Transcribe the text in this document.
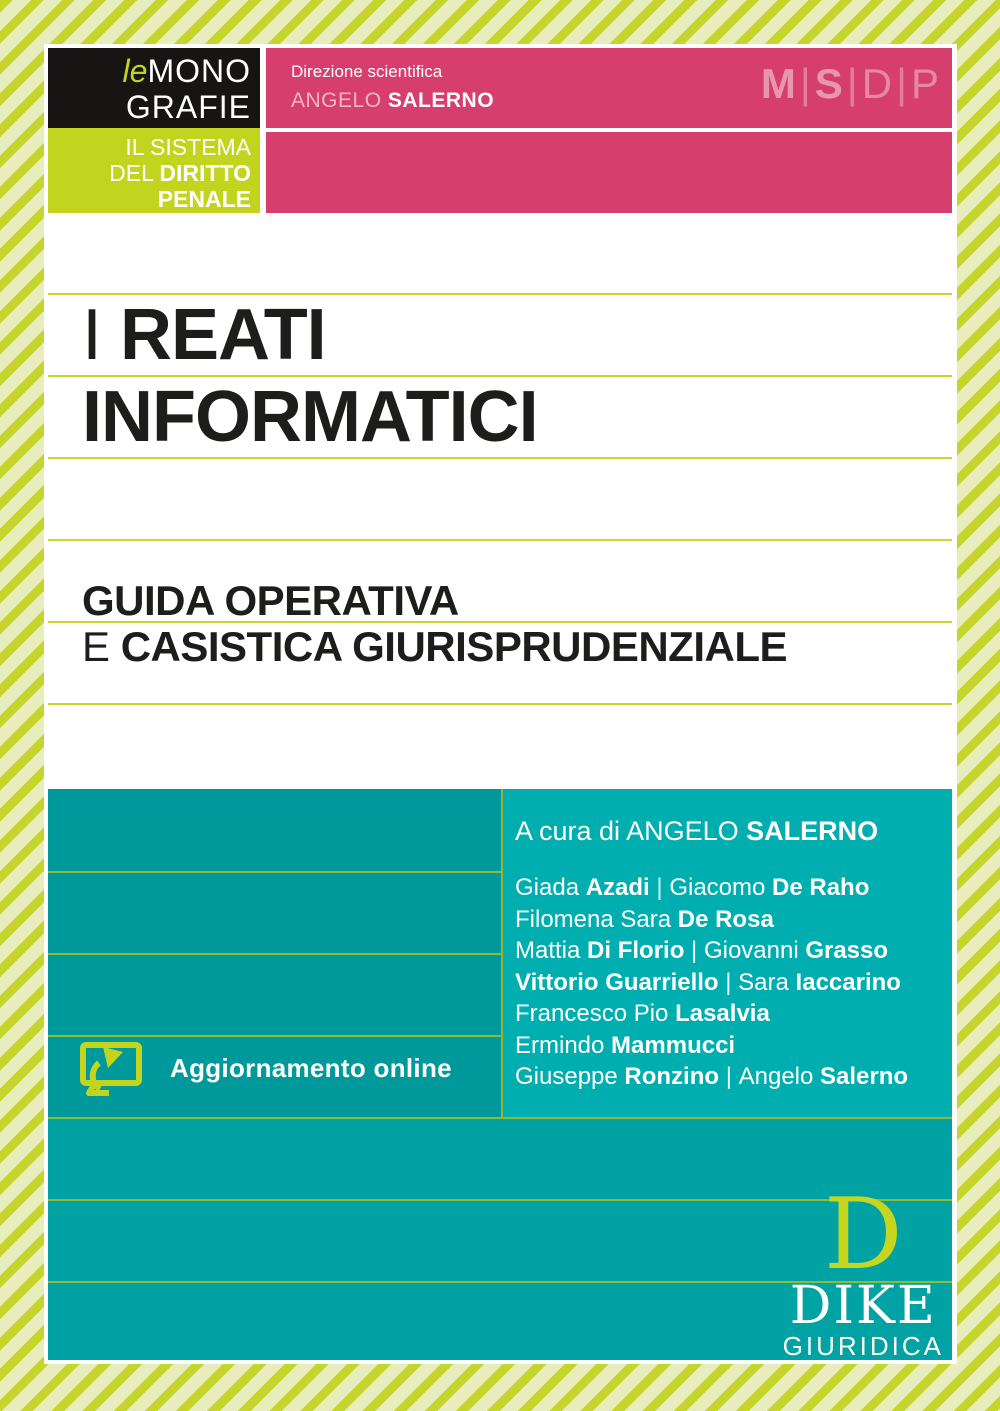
leMONO
GRAFIE
IL SISTEMA
DEL DIRITTO
PENALE
Direzione scientifica
ANGELO SALERNO	M|S|D|P
I REATI
INFORMATICI
GUIDA OPERATIVA
E CASISTICA GIURISPRUDENZIALE
A cura di ANGELO SALERNO
Giada Azadi | Giacomo De Raho
Filomena Sara De Rosa
Mattia Di Florio | Giovanni Grasso
Vittorio Guarriello | Sara Iaccarino
Francesco Pio Lasalvia
Ermindo Mammucci
Giuseppe Ronzino | Angelo Salerno
Aggiornamento online
D
DIKE
GIURIDICA
